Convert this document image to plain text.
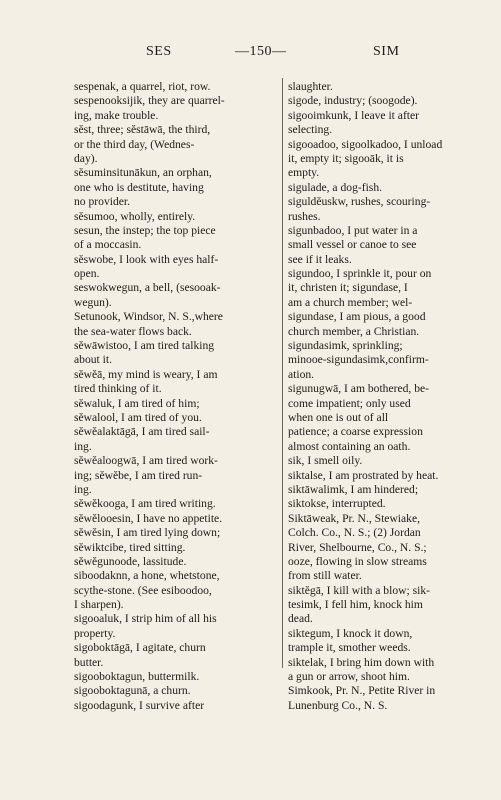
SES	—150—	SIM
sespenak, a quarrel, riot, row.
sespenooksijik, they are quarrel-
ing, make trouble.
sĕst, three; sĕstāwā, the third,
or the third day, (Wednes-
day).
sĕsuminsitunākun, an orphan,
one who is destitute, having
no provider.
sĕsumoo, wholly, entirely.
sesun, the instep; the top piece
of a moccasin.
sĕswobe, I look with eyes half-
open.
seswokwegun, a bell, (sesooak-
wegun).
Setunook, Windsor, N. S.,where
the sea-water flows back.
sĕwāwistoo, I am tired talking
about it.
sĕwĕā, my mind is weary, I am
tired thinking of it.
sĕwaluk, I am tired of him;
sĕwalool, I am tired of you.
sĕwĕalaktāgā, I am tired sail-
ing.
sĕwĕaloogwā, I am tired work-
ing; sĕwĕbe, I am tired run-
ing.
sĕwĕkooga, I am tired writing.
sĕwĕlooesin, I have no appetite.
sĕwĕsin, I am tired lying down;
sĕwiktcibe, tired sitting.
sĕwĕgunoode, lassitude.
siboodaknn, a hone, whetstone,
scythe-stone. (See esiboodoo,
I sharpen).
sigooaluk, I strip him of all his
property.
sigoboktāgā, I agitate, churn
butter.
sigooboktagun, buttermilk.
sigooboktagunā, a churn.
sigoodagunk, I survive after
slaughter.
sigode, industry; (soogode).
sigooimkunk, I leave it after
selecting.
sigooadoo, sigoolkadoo, I unload
it, empty it; sigooāk, it is
empty.
sigulade, a dog-fish.
siguldĕuskw, rushes, scouring-
rushes.
sigunbadoo, I put water in a
small vessel or canoe to see
see if it leaks.
sigundoo, I sprinkle it, pour on
it, christen it; sigundase, I
am a church member; wel-
sigundase, I am pious, a good
church member, a Christian.
sigundasimk, sprinkling;
minooe-sigundasimk,confirm-
ation.
sigunugwā, I am bothered, be-
come impatient; only used
when one is out of all
patience; a coarse expression
almost containing an oath.
sik, I smell oily.
siktalse, I am prostrated by heat.
siktāwalimk, I am hindered;
siktokse, interrupted.
Siktāweak, Pr. N., Stewiake,
Colch. Co., N. S.; (2) Jordan
River, Shelbourne, Co., N. S.;
ooze, flowing in slow streams
from still water.
siktĕgā, I kill with a blow; sik-
tesimk, I fell him, knock him
dead.
siktegum, I knock it down,
trample it, smother weeds.
siktelak, I bring him down with
a gun or arrow, shoot him.
Simkook, Pr. N., Petite River in
Lunenburg Co., N. S.
